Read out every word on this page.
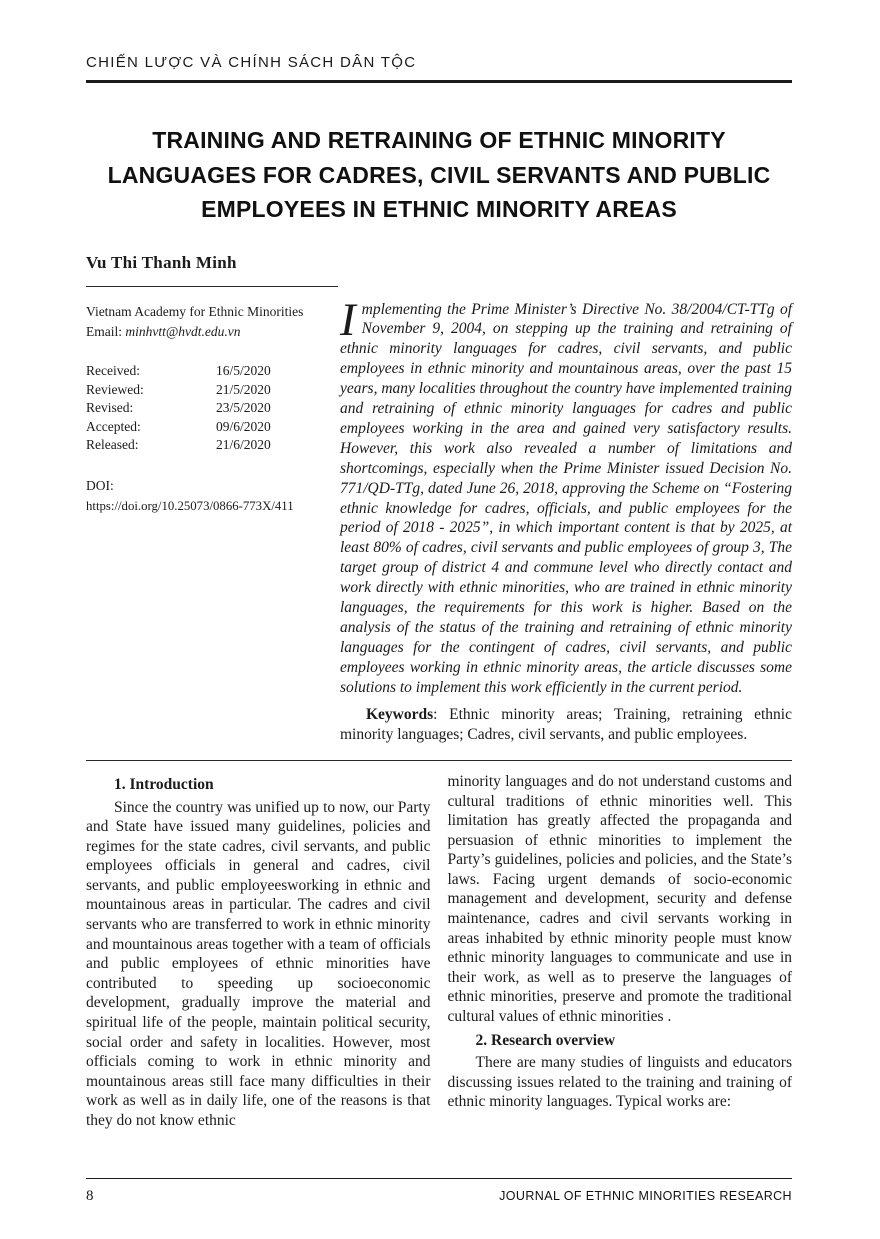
CHIẾN LƯỢC VÀ CHÍNH SÁCH DÂN TỘC
TRAINING AND RETRAINING OF ETHNIC MINORITY LANGUAGES FOR CADRES, CIVIL SERVANTS AND PUBLIC EMPLOYEES IN ETHNIC MINORITY AREAS
Vu Thi Thanh Minh
Vietnam Academy for Ethnic Minorities
Email: minhvtt@hvdt.edu.vn
Received:	16/5/2020
Reviewed:	21/5/2020
Revised:	23/5/2020
Accepted:	09/6/2020
Released:	21/6/2020
DOI:
https://doi.org/10.25073/0866-773X/411

Implementing the Prime Minister’s Directive No. 38/2004/CT-TTg of November 9, 2004, on stepping up the training and retraining of ethnic minority languages for cadres, civil servants, and public employees in ethnic minority and mountainous areas, over the past 15 years, many localities throughout the country have implemented training and retraining of ethnic minority languages for cadres and public employees working in the area and gained very satisfactory results. However, this work also revealed a number of limitations and shortcomings, especially when the Prime Minister issued Decision No. 771/QD-TTg, dated June 26, 2018, approving the Scheme on “Fostering ethnic knowledge for cadres, officials, and public employees for the period of 2018 - 2025”, in which important content is that by 2025, at least 80% of cadres, civil servants and public employees of group 3, The target group of district 4 and commune level who directly contact and work directly with ethnic minorities, who are trained in ethnic minority languages, the requirements for this work is higher. Based on the analysis of the status of the training and retraining of ethnic minority languages for the contingent of cadres, civil servants, and public employees working in ethnic minority areas, the article discusses some solutions to implement this work efficiently in the current period.

Keywords: Ethnic minority areas; Training, retraining ethnic minority languages; Cadres, civil servants, and public employees.

1. Introduction

Since the country was unified up to now, our Party and State have issued many guidelines, policies and regimes for the state cadres, civil servants, and public employees officials in general and cadres, civil servants, and public employeesworking in ethnic and mountainous areas in particular. The cadres and civil servants who are transferred to work in ethnic minority and mountainous areas together with a team of officials and public employees of ethnic minorities have contributed to speeding up socioeconomic development, gradually improve the material and spiritual life of the people, maintain political security, social order and safety in localities. However, most officials coming to work in ethnic minority and mountainous areas still face many difficulties in their work as well as in daily life, one of the reasons is that they do not know ethnic

minority languages and do not understand customs and cultural traditions of ethnic minorities well. This limitation has greatly affected the propaganda and persuasion of ethnic minorities to implement the Party’s guidelines, policies and policies, and the State’s laws. Facing urgent demands of socio-economic management and development, security and defense maintenance, cadres and civil servants working in areas inhabited by ethnic minority people must know ethnic minority languages to communicate and use in their work, as well as to preserve the languages of ethnic minorities, preserve and promote the traditional cultural values of ethnic minorities .

2. Research overview

There are many studies of linguists and educators discussing issues related to the training and training of ethnic minority languages. Typical works are:

8	JOURNAL OF ETHNIC MINORITIES RESEARCH
